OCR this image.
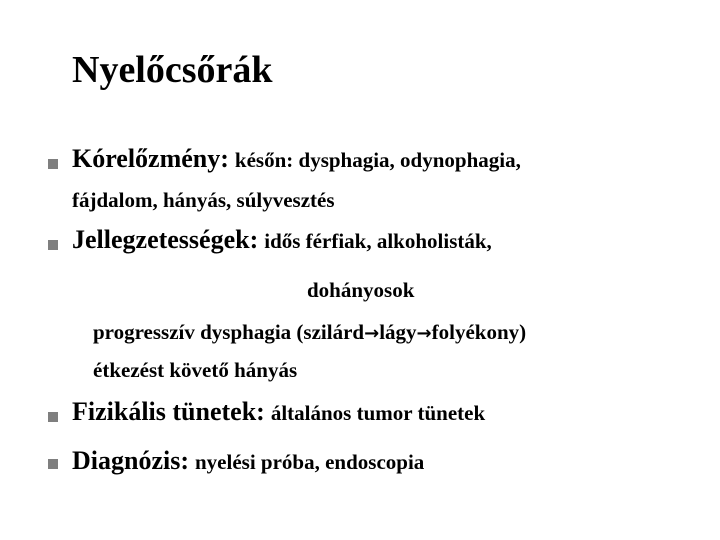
Nyelőcsőrák
Kórelőzmény: későn: dysphagia, odynophagia,
fájdalom, hányás, súlyvesztés
Jellegzetességek: idős férfiak, alkoholisták,
dohányosok
progresszív dysphagia (szilárd→lágy→folyékony)
étkezést követő hányás
Fizikális tünetek: általános tumor tünetek
Diagnózis: nyelési próba, endoscopia
